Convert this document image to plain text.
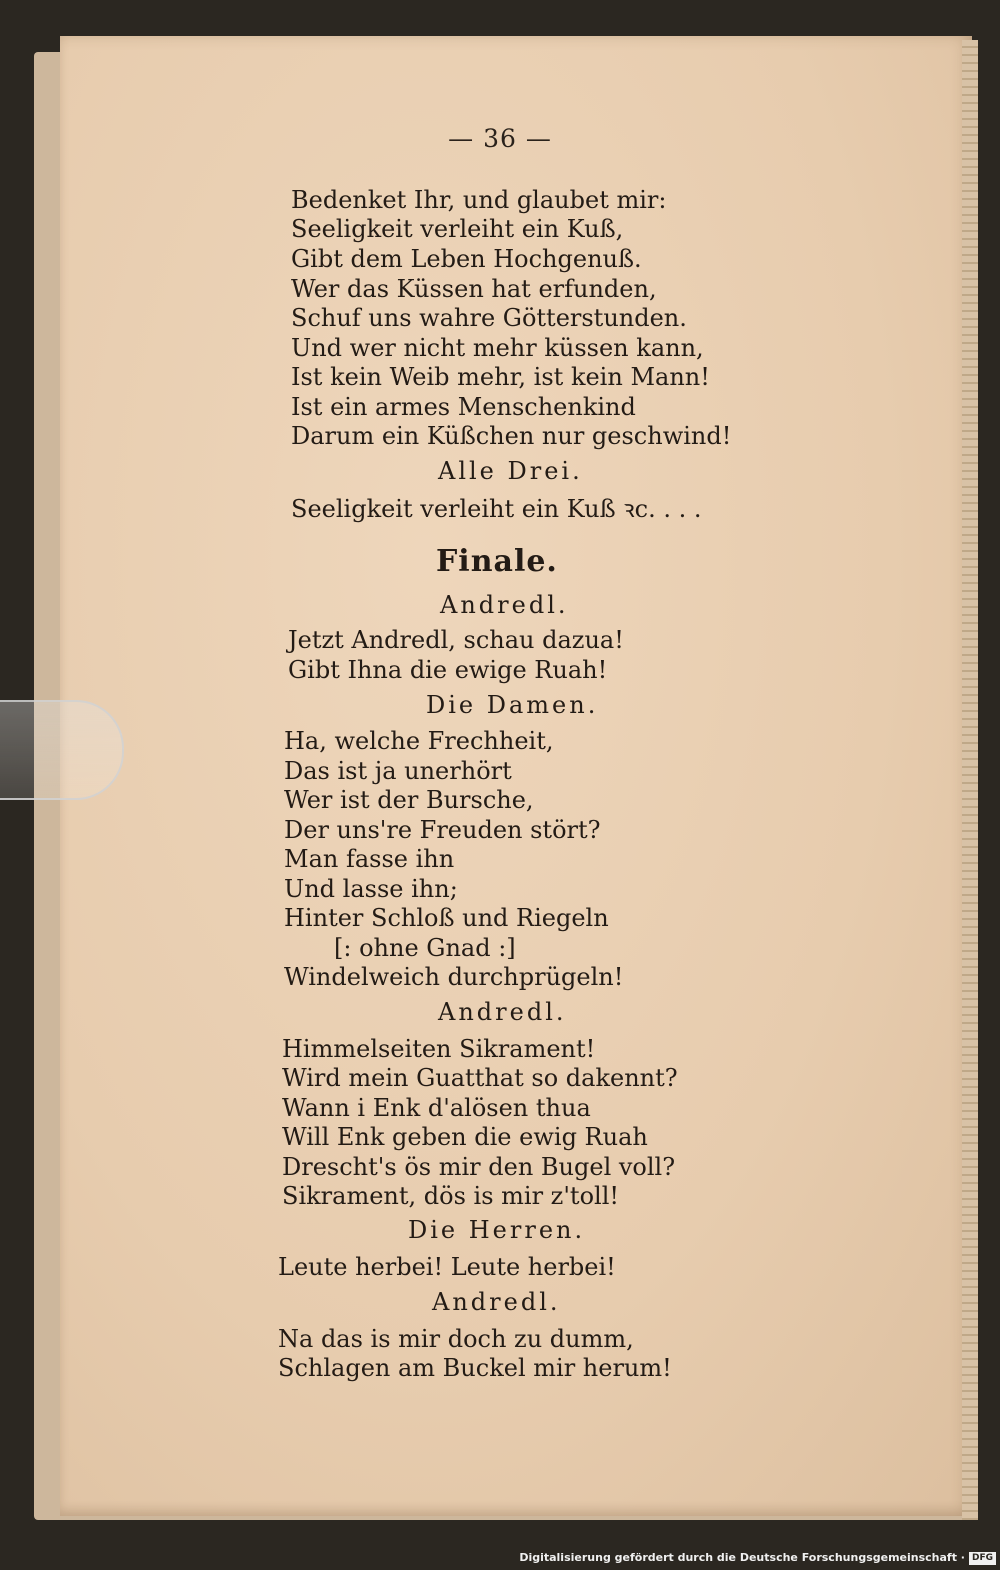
— 36 —

Bedenket Ihr, und glaubet mir:

Seeligkeit verleiht ein Kuß,

Gibt dem Leben Hochgenuß.

Wer das Küssen hat erfunden,

Schuf uns wahre Götterstunden.

Und wer nicht mehr küssen kann,

Ist kein Weib mehr, ist kein Mann!

Ist ein armes Menschenkind

Darum ein Küßchen nur geschwind!

Alle Drei.

Seeligkeit verleiht ein Kuß ꝛc. . . .

Finale.

Andredl.

Jetzt Andredl, schau dazua!

Gibt Ihna die ewige Ruah!

Die Damen.

Ha, welche Frechheit,

Das ist ja unerhört

Wer ist der Bursche,

Der uns're Freuden stört?

Man fasse ihn

Und lasse ihn;

Hinter Schloß und Riegeln

[: ohne Gnad :]

Windelweich durchprügeln!

Andredl.

Himmelseiten Sikrament!

Wird mein Guatthat so dakennt?

Wann i Enk d'alösen thua

Will Enk geben die ewig Ruah

Drescht's ös mir den Bugel voll?

Sikrament, dös is mir z'toll!

Die Herren.

Leute herbei! Leute herbei!

Andredl.

Na das is mir doch zu dumm,

Schlagen am Buckel mir herum!

Digitalisierung gefördert durch die Deutsche Forschungsgemeinschaft · DFG
